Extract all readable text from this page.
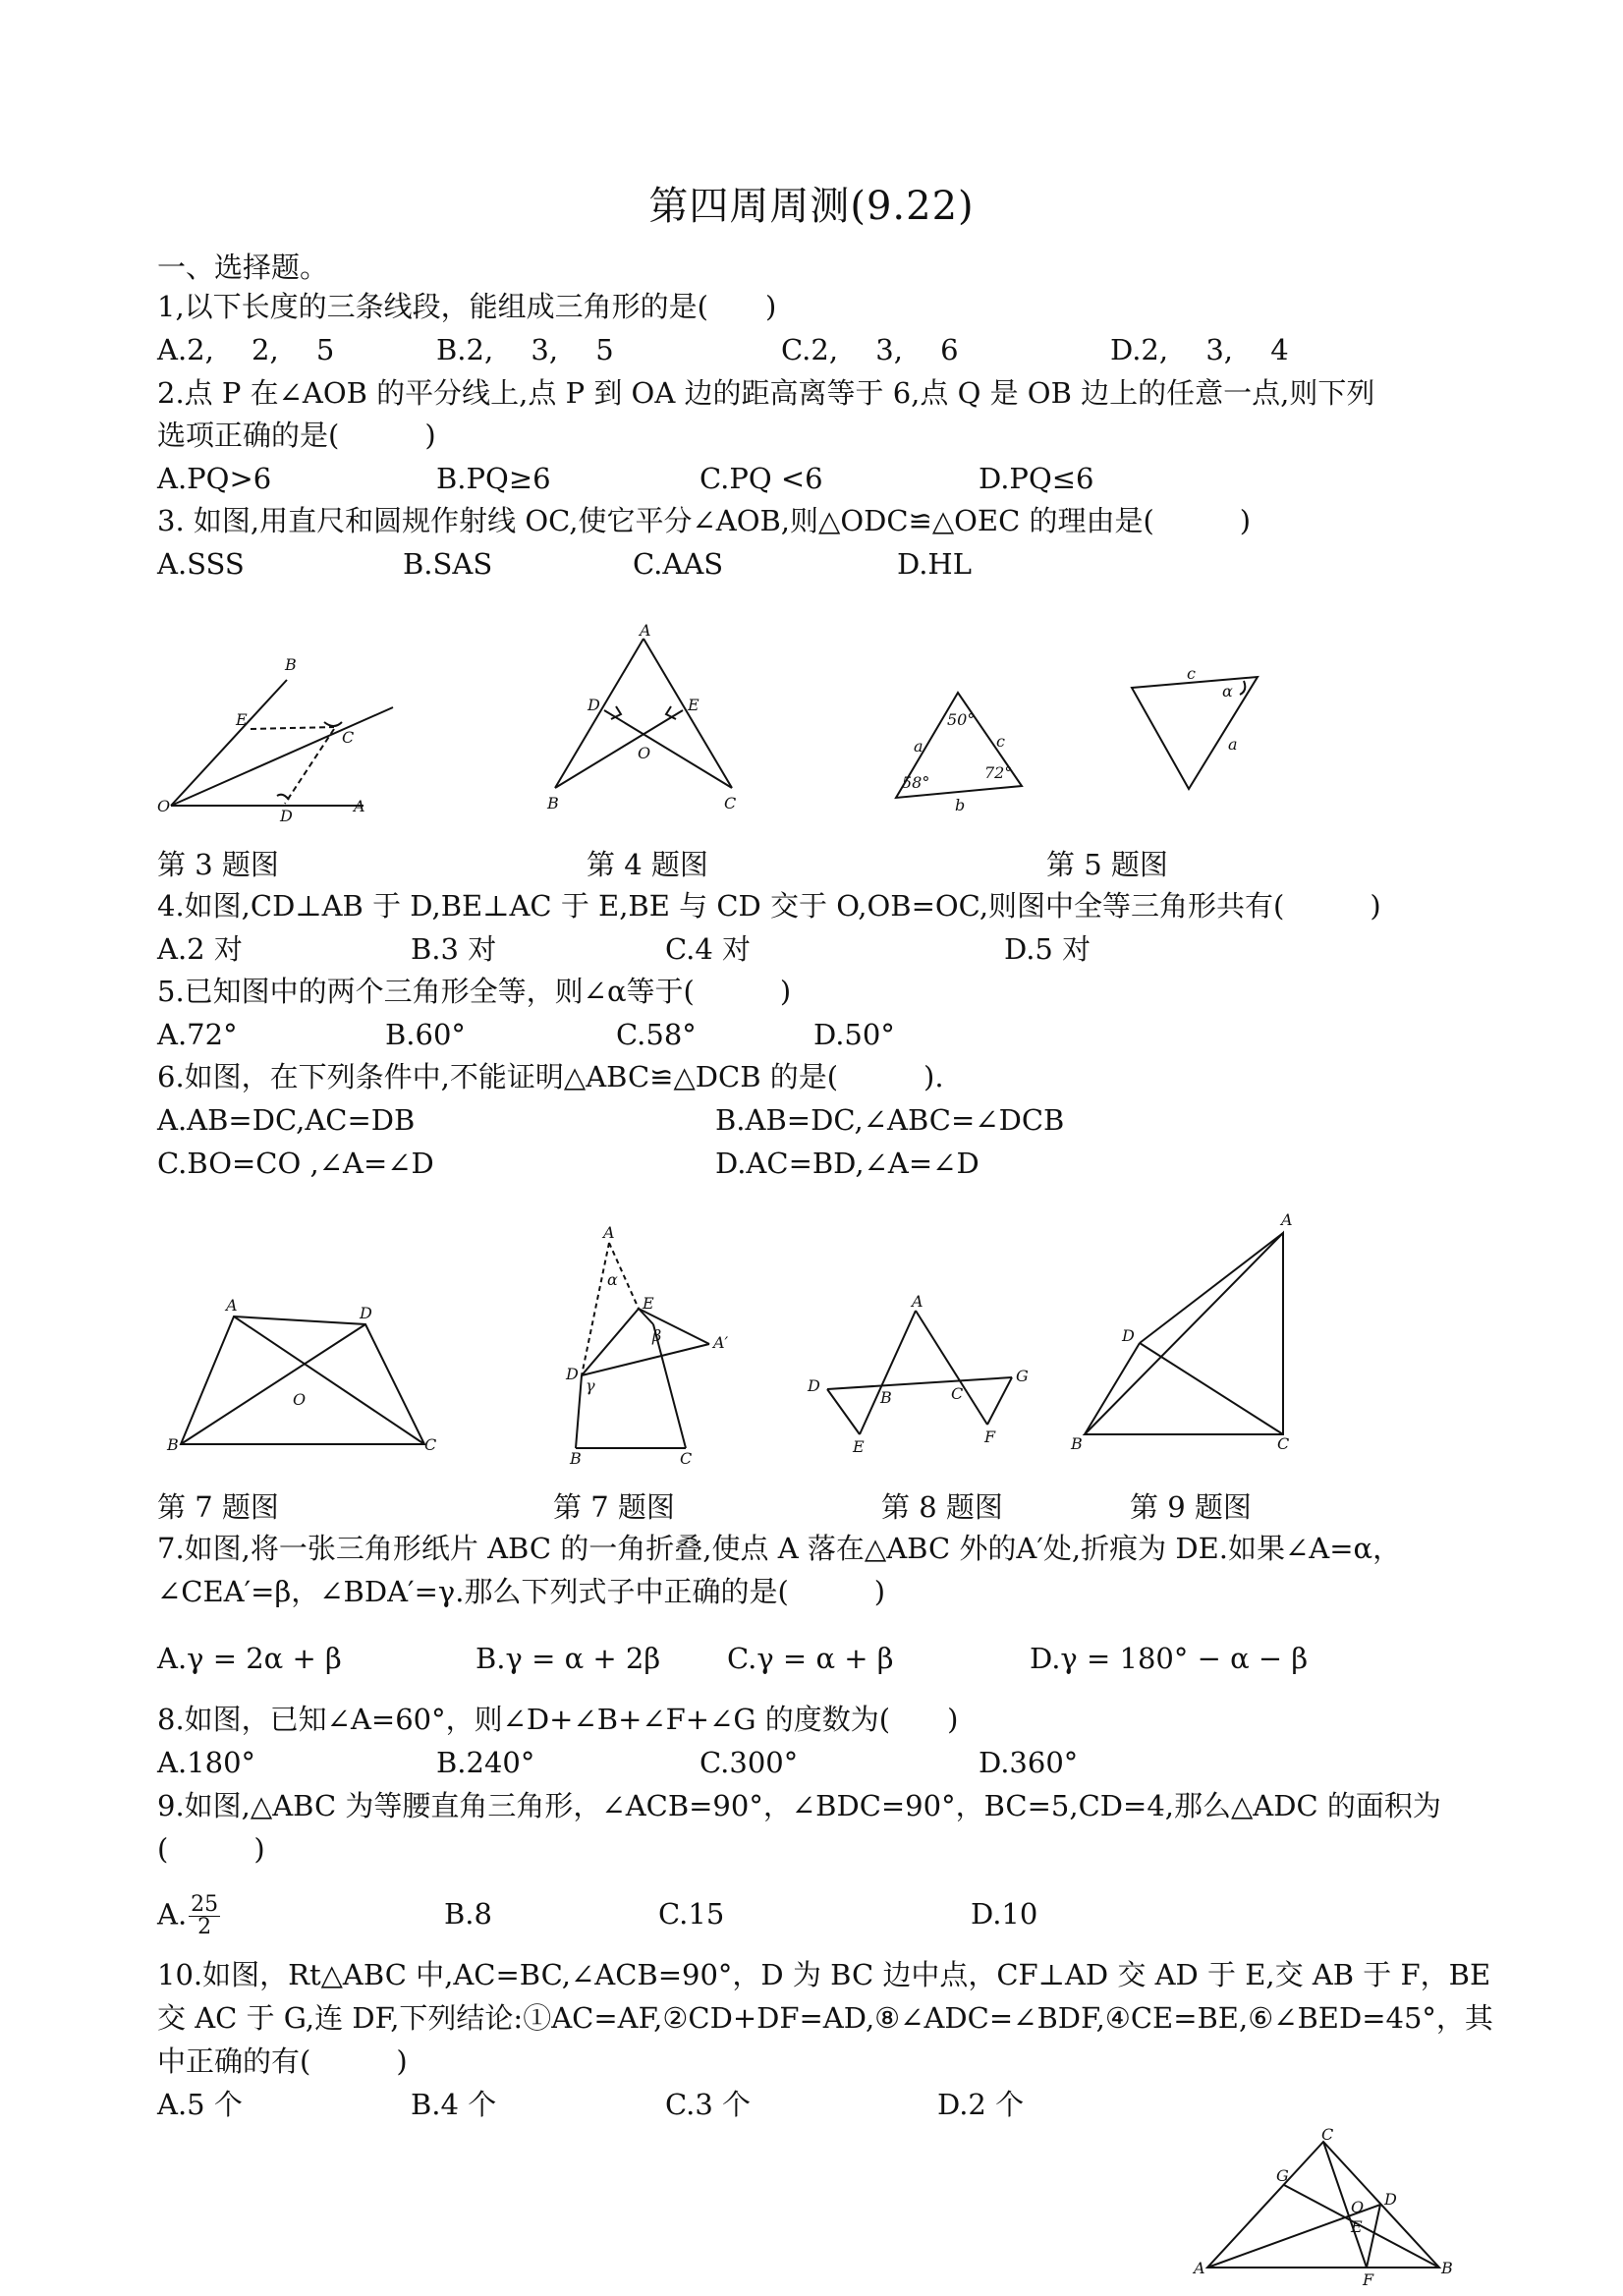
第四周周测(9.22)
一、选择题。
1,以下长度的三条线段，能组成三角形的是(　　)
A.2,　 2,　 5	B.2,　 3,　 5	C.2,　 3,　 6	D.2,　 3,　 4
2.点 P 在∠AOB 的平分线上,点 P 到 OA 边的距高离等于 6,点 Q 是 OB 边上的任意一点,则下列
选项正确的是(　　　)
A.PQ>6	B.PQ≥6	C.PQ <6	D.PQ≤6
3. 如图,用直尺和圆规作射线 OC,使它平分∠AOB,则△ODC≌△OEC 的理由是(　　　)
A.SSS	B.SAS	C.AAS	D.HL
B
E
C
O
D
A
A
D	E
O
B	C
a
50°
c
58°
72°
b
c
α
a
第 3 题图	第 4 题图	第 5 题图
4.如图,CD⊥AB 于 D,BE⊥AC 于 E,BE 与 CD 交于 O,OB=OC,则图中全等三角形共有(　　　)
A.2 对	B.3 对	C.4 对	D.5 对
5.已知图中的两个三角形全等，则∠α等于(　　　)
A.72°	B.60°	C.58°	D.50°
6.如图，在下列条件中,不能证明△ABC≌△DCB 的是(　　　).
A.AB=DC,AC=DB	B.AB=DC,∠ABC=∠DCB
C.BO=CO ,∠A=∠D	D.AC=BD,∠A=∠D
A	D
O
B	C
A
α
E
β	A′
D
γ
B	C
A
D
B	C
G
E
F
A
D
B	C
第 7 题图	第 7 题图	第 8 题图	第 9 题图
7.如图,将一张三角形纸片 ABC 的一角折叠,使点 A 落在△ABC 外的A′处,折痕为 DE.如果∠A=α，
∠CEA′=β，∠BDA′=γ.那么下列式子中正确的是(　　　)
A.γ = 2α + β	B.γ = α + 2β C.γ = α + β	D.γ = 180° − α − β
8.如图，已知∠A=60°，则∠D+∠B+∠F+∠G 的度数为(　　)
A.180°	B.240°	C.300°	D.360°
9.如图,△ABC 为等腰直角三角形，∠ACB=90°，∠BDC=90°，BC=5,CD=4,那么△ADC 的面积为
(　　　)
A. $\frac{25}{2}$	B.8	C.15	D.10
10.如图，Rt△ABC 中,AC=BC,∠ACB=90°，D 为 BC 边中点，CF⊥AD 交 AD 于 E,交 AB 于 F，BE
交 AC 于 G,连 DF,下列结论:①AC=AF,②CD+DF=AD,⑧∠ADC=∠BDF,④CE=BE,⑥∠BED=45°，其
中正确的有(　　　)
A.5 个	B.4 个	C.3 个	D.2 个
C
G
O D
E
A
F
B
